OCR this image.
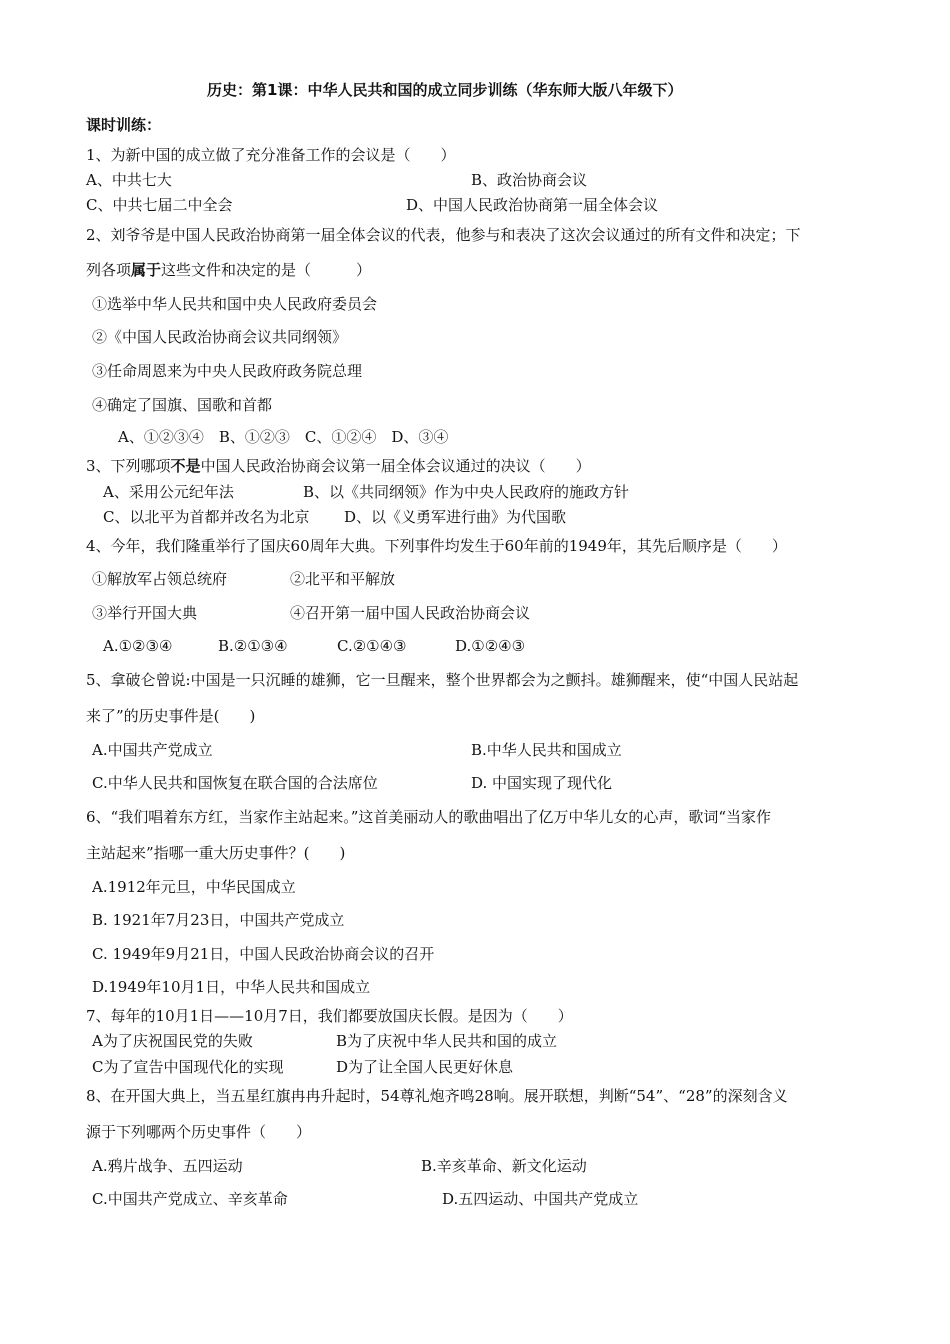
历史：第1课：中华人民共和国的成立同步训练（华东师大版八年级下）
课时训练：
1、为新中国的成立做了充分准备工作的会议是（　　）
A、中共七大	B、政治协商会议
C、中共七届二中全会	D、中国人民政治协商第一届全体会议
2、刘爷爷是中国人民政治协商第一届全体会议的代表，他参与和表决了这次会议通过的所有文件和决定；下
列各项属于这些文件和决定的是（　　　）
①选举中华人民共和国中央人民政府委员会
②《中国人民政治协商会议共同纲领》
③任命周恩来为中央人民政府政务院总理
④确定了国旗、国歌和首都
A、①②③④　B、①②③　C、①②④　D、③④
3、下列哪项不是中国人民政治协商会议第一届全体会议通过的决议（　　）
A、采用公元纪年法	B、以《共同纲领》作为中央人民政府的施政方针
C、以北平为首都并改名为北京 D、以《义勇军进行曲》为代国歌
4、今年，我们隆重举行了国庆60周年大典。下列事件均发生于60年前的1949年，其先后顺序是（　　）
①解放军占领总统府	②北平和平解放
③举行开国大典	④召开第一届中国人民政治协商会议
A.①②③④	B.②①③④	C.②①④③	D.①②④③
5、拿破仑曾说:中国是一只沉睡的雄狮，它一旦醒来，整个世界都会为之颤抖。雄狮醒来，使“中国人民站起
来了”的历史事件是(　　)
A.中国共产党成立	B.中华人民共和国成立
C.中华人民共和国恢复在联合国的合法席位	D. 中国实现了现代化
6、“我们唱着东方红，当家作主站起来。”这首美丽动人的歌曲唱出了亿万中华儿女的心声，歌词“当家作
主站起来”指哪一重大历史事件？(　　)
A.1912年元旦，中华民国成立
B. 1921年7月23日，中国共产党成立
C. 1949年9月21日，中国人民政治协商会议的召开
D.1949年10月1日，中华人民共和国成立
7、每年的10月1日——10月7日，我们都要放国庆长假。是因为（　　）
A为了庆祝国民党的失败	B为了庆祝中华人民共和国的成立
C为了宣告中国现代化的实现	D为了让全国人民更好休息
8、在开国大典上，当五星红旗冉冉升起时，54尊礼炮齐鸣28响。展开联想，判断“54”、“28”的深刻含义
源于下列哪两个历史事件（　　）
A.鸦片战争、五四运动	B.辛亥革命、新文化运动
C.中国共产党成立、辛亥革命	D.五四运动、中国共产党成立
